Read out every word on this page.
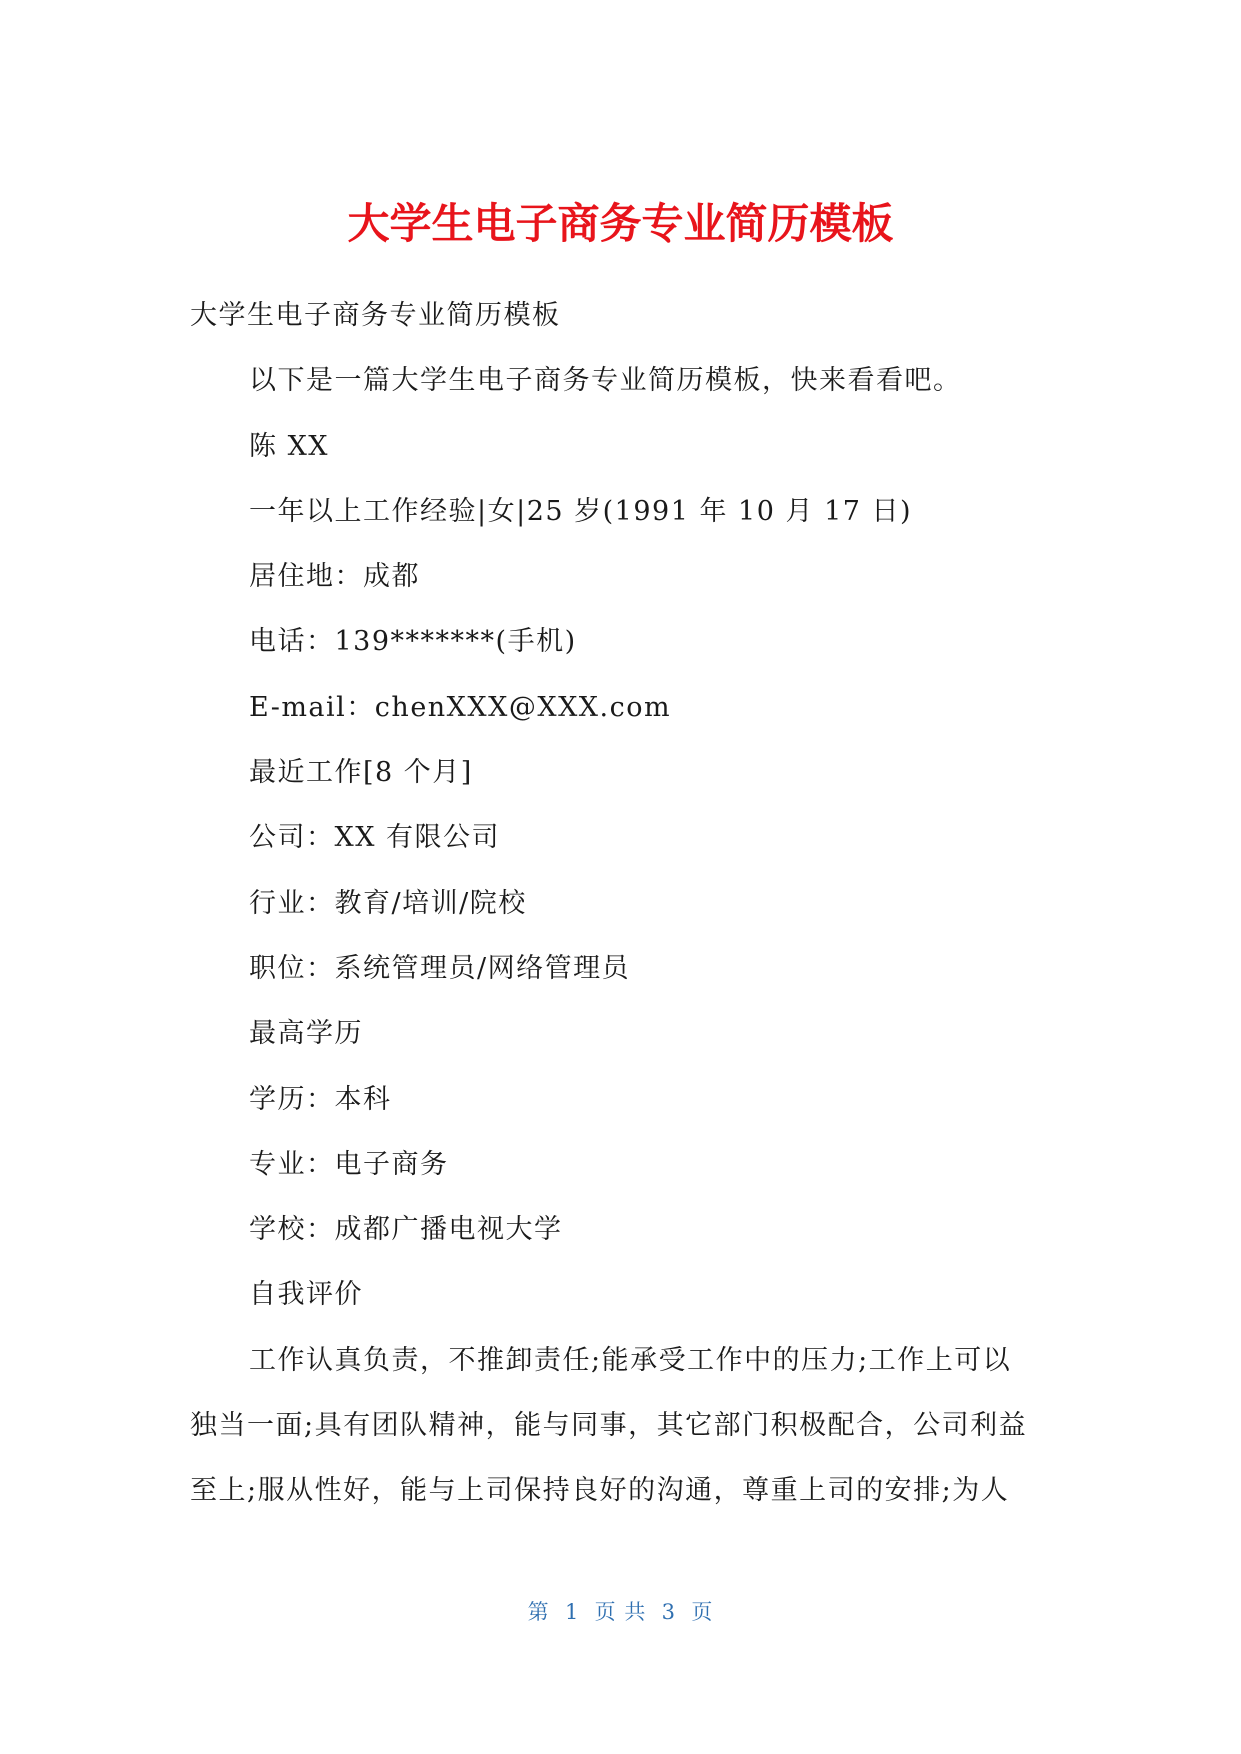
大学生电子商务专业简历模板

大学生电子商务专业简历模板

以下是一篇大学生电子商务专业简历模板，快来看看吧。

陈 XX

一年以上工作经验|女|25 岁(1991 年 10 月 17 日)

居住地：成都

电话：139*******(手机)

E-mail：chenXXX@XXX.com

最近工作[8 个月]

公司：XX 有限公司

行业：教育/培训/院校

职位：系统管理员/网络管理员

最高学历

学历：本科

专业：电子商务

学校：成都广播电视大学

自我评价

工作认真负责，不推卸责任;能承受工作中的压力;工作上可以

独当一面;具有团队精神，能与同事，其它部门积极配合，公司利益

至上;服从性好，能与上司保持良好的沟通，尊重上司的安排;为人

第  1  页 共  3  页
